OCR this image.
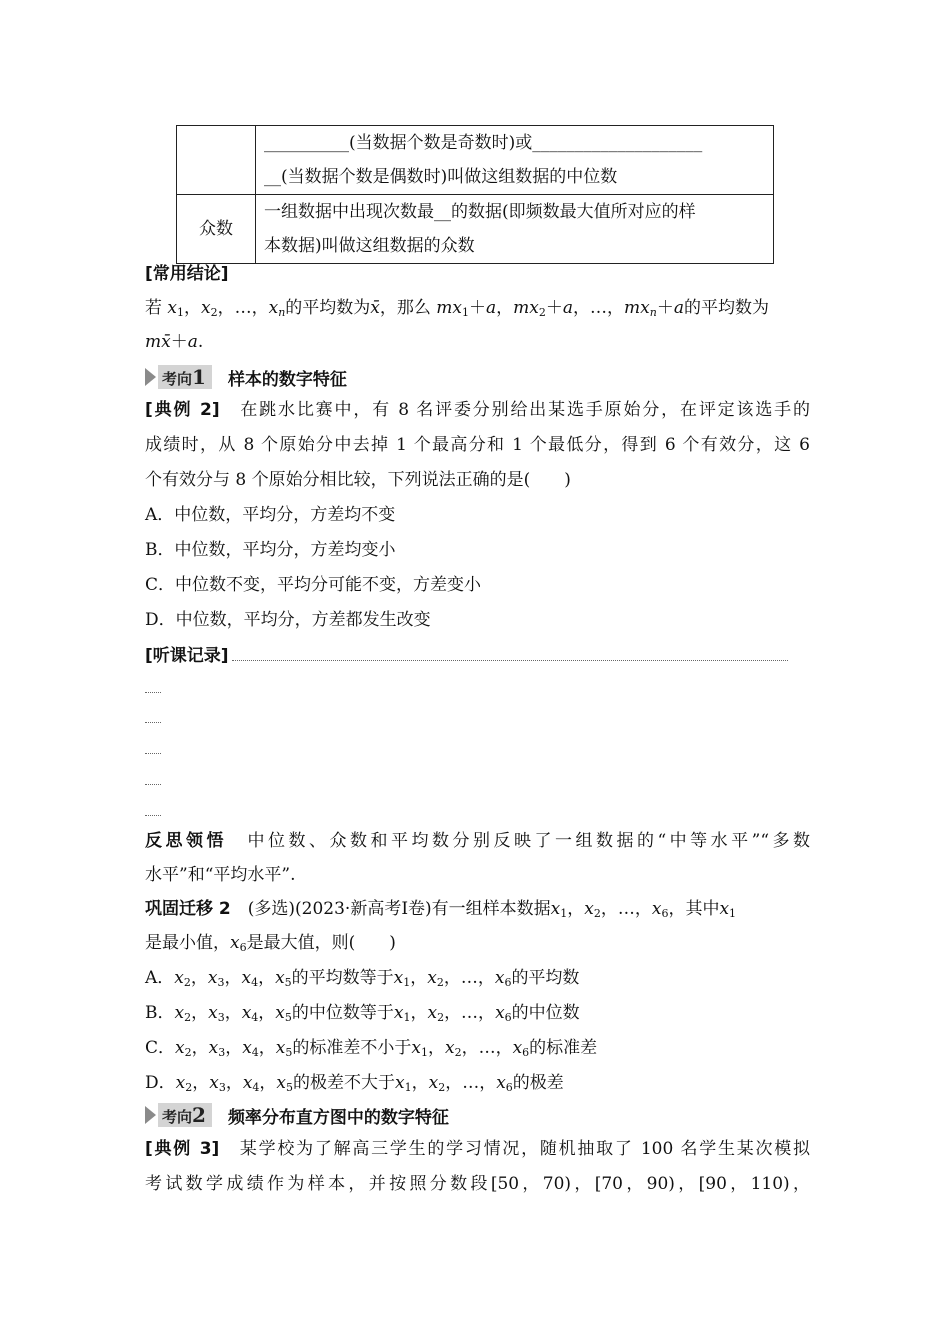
	__________(当数据个数是奇数时)或____________________
__(当数据个数是偶数时)叫做这组数据的中位数

众数	一组数据中出现次数最__的数据(即频数最大值所对应的样
本数据)叫做这组数据的众数
[常用结论]
若 $x_1$，$x_2$，…，$x_n$的平均数为x̄，那么 $mx_1+a$，$mx_2+a$，…，$mx_n+a$的平均数为
mx̄＋a.
考向1	样本的数字特征
[典例 2]　 在跳水比赛中，有 8 名评委分别给出某选手原始分，在评定该选手的
成绩时，从 8 个原始分中去掉 1 个最高分和 1 个最低分，得到 6 个有效分，这 6
个有效分与 8 个原始分相比较，下列说法正确的是(　　)
A．中位数，平均分，方差均不变
B．中位数，平均分，方差均变小
C．中位数不变，平均分可能不变，方差变小
D．中位数，平均分，方差都发生改变
[听课记录]
反思领悟　 中位数、众数和平均数分别反映了一组数据的“中等水平”“多数
水平”和“平均水平”.
巩固迁移 2　 (多选)(2023·新高考Ⅰ卷)有一组样本数据$x_1$，$x_2$，…，$x_6$，其中$x_1$
是最小值，$x_6$是最大值，则(　　)
A．$x_2$，$x_3$，$x_4$，$x_5$的平均数等于$x_1$，$x_2$，…，$x_6$的平均数
B．$x_2$，$x_3$，$x_4$，$x_5$的中位数等于$x_1$，$x_2$，…，$x_6$的中位数
C．$x_2$，$x_3$，$x_4$，$x_5$的标准差不小于$x_1$，$x_2$，…，$x_6$的标准差
D．$x_2$，$x_3$，$x_4$，$x_5$的极差不大于$x_1$，$x_2$，…，$x_6$的极差
考向2	频率分布直方图中的数字特征
[典例 3]　 某学校为了解高三学生的学习情况，随机抽取了 100 名学生某次模拟
考试数学成绩作为样本，并按照分数段[50，70)，[70，90)，[90，110)，
